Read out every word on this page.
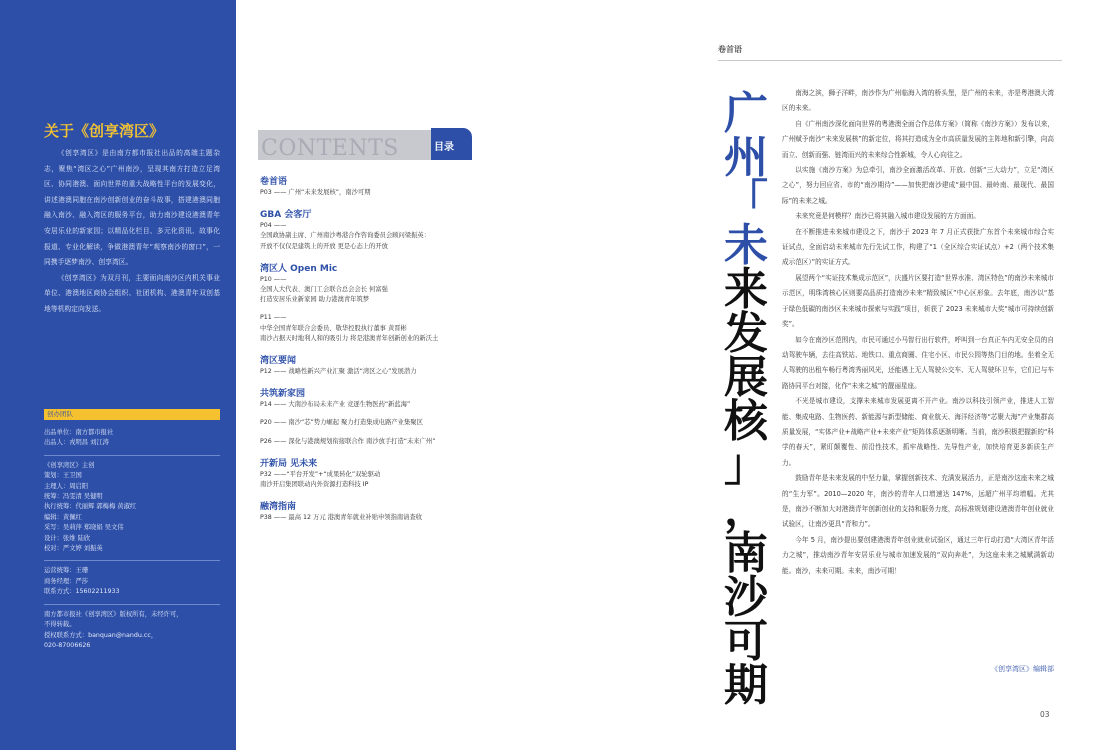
关于《创享湾区》

《创享湾区》是由南方都市报社出品的高端主题杂志，聚焦“湾区之心”广州南沙，呈现其南方打造立足湾区、协同港澳、面向世界的重大战略性平台的发展变化，讲述港澳同胞在南沙创新创业的奋斗故事，搭建港澳同胞融入南沙、融入湾区的服务平台，助力南沙建设港澳青年安居乐业的新家园；以精品化栏目、多元化资讯、故事化报道、专业化解读，争做港澳青年“观察南沙的窗口”，一同携手逐梦南沙、创享湾区。

《创享湾区》为双月刊，主要面向南沙区内机关事业单位、港澳地区商协会组织、社团机构、港澳青年双创基地等机构定向发送。

创办团队
出品单位：南方都市报社
出品人：戎明昌 刘江涛
《创享湾区》主创
策划：王卫国
主理人：周启阳
统筹：冯雯清 吴健明
执行统筹：代丽辉 郭梅梅 黄淑红
编辑：黄佩红
采写：吴莉萍 郑晓娟 吴文伟
设计：张维 陆欣
校对：严文婷 刘振英
运营统筹：王珊
商务经理：严莎
联系方式：15602211933
南方都市报社《创享湾区》版权所有，未经许可，
不得转载。
授权联系方式：banquan@nandu.cc，
020-87006626
CONTENTS	目录
卷首语
P03 —— 广州“未来发展核”，南沙可期
GBA 会客厅
P04 ——
全国政协副主席、广州南沙粤港合作咨询委员会顾问梁振英：
开放不仅仅是建筑上的开放 更是心态上的开放
湾区人 Open Mic
P10 ——
全国人大代表、澳门工会联合总会会长 何富强
打造安居乐业新家园 助力港澳青年筑梦
P11 ——
中华全国青年联合会委员、敬华控股执行董事 黄晋彬
南沙占据天时地利人和的吸引力 将是港澳青年创新创业的新沃土
湾区要闻
P12 —— 战略性新兴产业汇聚 激活“湾区之心”发展潜力
共筑新家园
P14 —— 大南沙布局未来产业 竞逐生物医药“新蓝海”
P20 —— 南沙“芯”势力崛起 聚力打造集成电路产业集聚区
P26 —— 深化与港澳规划衔接联合作 南沙放手打造“未来广州”
开新局 见未来
P32 ——“平台开发”+“成果转化”双轮驱动
南沙开启集团联动内外资源打造科技 IP
融湾指南
P38 —— 最高 12 万元 港澳青年就业补贴申领指南请查收
卷首语
广
州
「
未
来
发
展
核
」
，
南
沙
可
期

南海之滨，狮子洋畔，南沙作为广州临海入湾的桥头堡，是广州的未来，亦是粤港澳大湾区的未来。

自《广州南沙深化面向世界的粤港澳全面合作总体方案》（简称《南沙方案》）发布以来，广州赋予南沙“未来发展核”的新定位，将其打造成为全市高质量发展的主阵地和新引擎，向高而立、创新而强、链湾而兴的未来综合性新城，令人心向往之。

以实施《南沙方案》为总牵引，南沙全面激活改革、开放、创新“三大动力”，立足“湾区之心”，努力回应省、市的“南沙期待”——加快把南沙建成“最中国、最岭南、最现代、最国际”的未来之城。

未来究竟是何模样？南沙已将其融入城市建设发展的方方面面。

在不断推进未来城市建设之下，南沙于 2023 年 7 月正式获批广东首个未来城市综合实证试点，全面启动未来城市先行先试工作，构建了“1（全区综合实证试点）+2（两个技术集成示范区）”的实证方式。

展望两个“实证技术集成示范区”，庆盛片区要打造“世界水准、湾区特色”的南沙未来城市示范区，明珠湾核心区则要高品质打造南沙未来“精致城区”中心区形象。去年底，南沙以“基于绿色低碳的南沙区未来城市探索与实践”项目，斩获了 2023 未来城市大奖“城市可持续创新奖”。

如今在南沙区范围内，市民可通过小马智行出行软件，呼叫到一台真正车内无安全员的自动驾驶车辆，去往高铁站、地铁口、重点商圈、住宅小区、市民公园等热门目的地。坐着全无人驾驶的出租车畅行粤湾秀丽风光，还能遇上无人驾驶公交车、无人驾驶环卫车，它们已与车路协同平台对接，化作“未来之城”的靓丽星座。

不光是城市建设，支撑未来城市发展更离不开产业。南沙以科技引领产业，推进人工智能、集成电路、生物医药、新能源与新型储能、商业航天、海洋经济等“芯聚大海”产业集群高质量发展，“实体产业+战略产业+未来产业”矩阵体系逐渐明晰。当前，南沙积极把握新的“科学的春天”，紧盯颠覆性、前沿性技术，抓牢战略性、先导性产业，加快培育更多新质生产力。

鼓励青年是未来发展的中坚力量，掌握创新技术、充满发展活力，正是南沙这座未来之城的“生力军”。2010—2020 年，南沙的青年人口增速达 147%，远超广州平均增幅。尤其是，南沙不断加大对港澳青年创新创业的支持和服务力度，高标准规划建设港澳青年创业就业试验区，让南沙更具“青和力”。

今年 5 月，南沙提出要创建港澳青年创业就业试验区，通过三年行动打造“大湾区青年活力之城”，推动南沙青年安居乐业与城市加速发展的“双向奔赴”，为这座未来之城赋满新动能。南沙，未来可期。未来，南沙可期！

《创享湾区》编辑部
03
